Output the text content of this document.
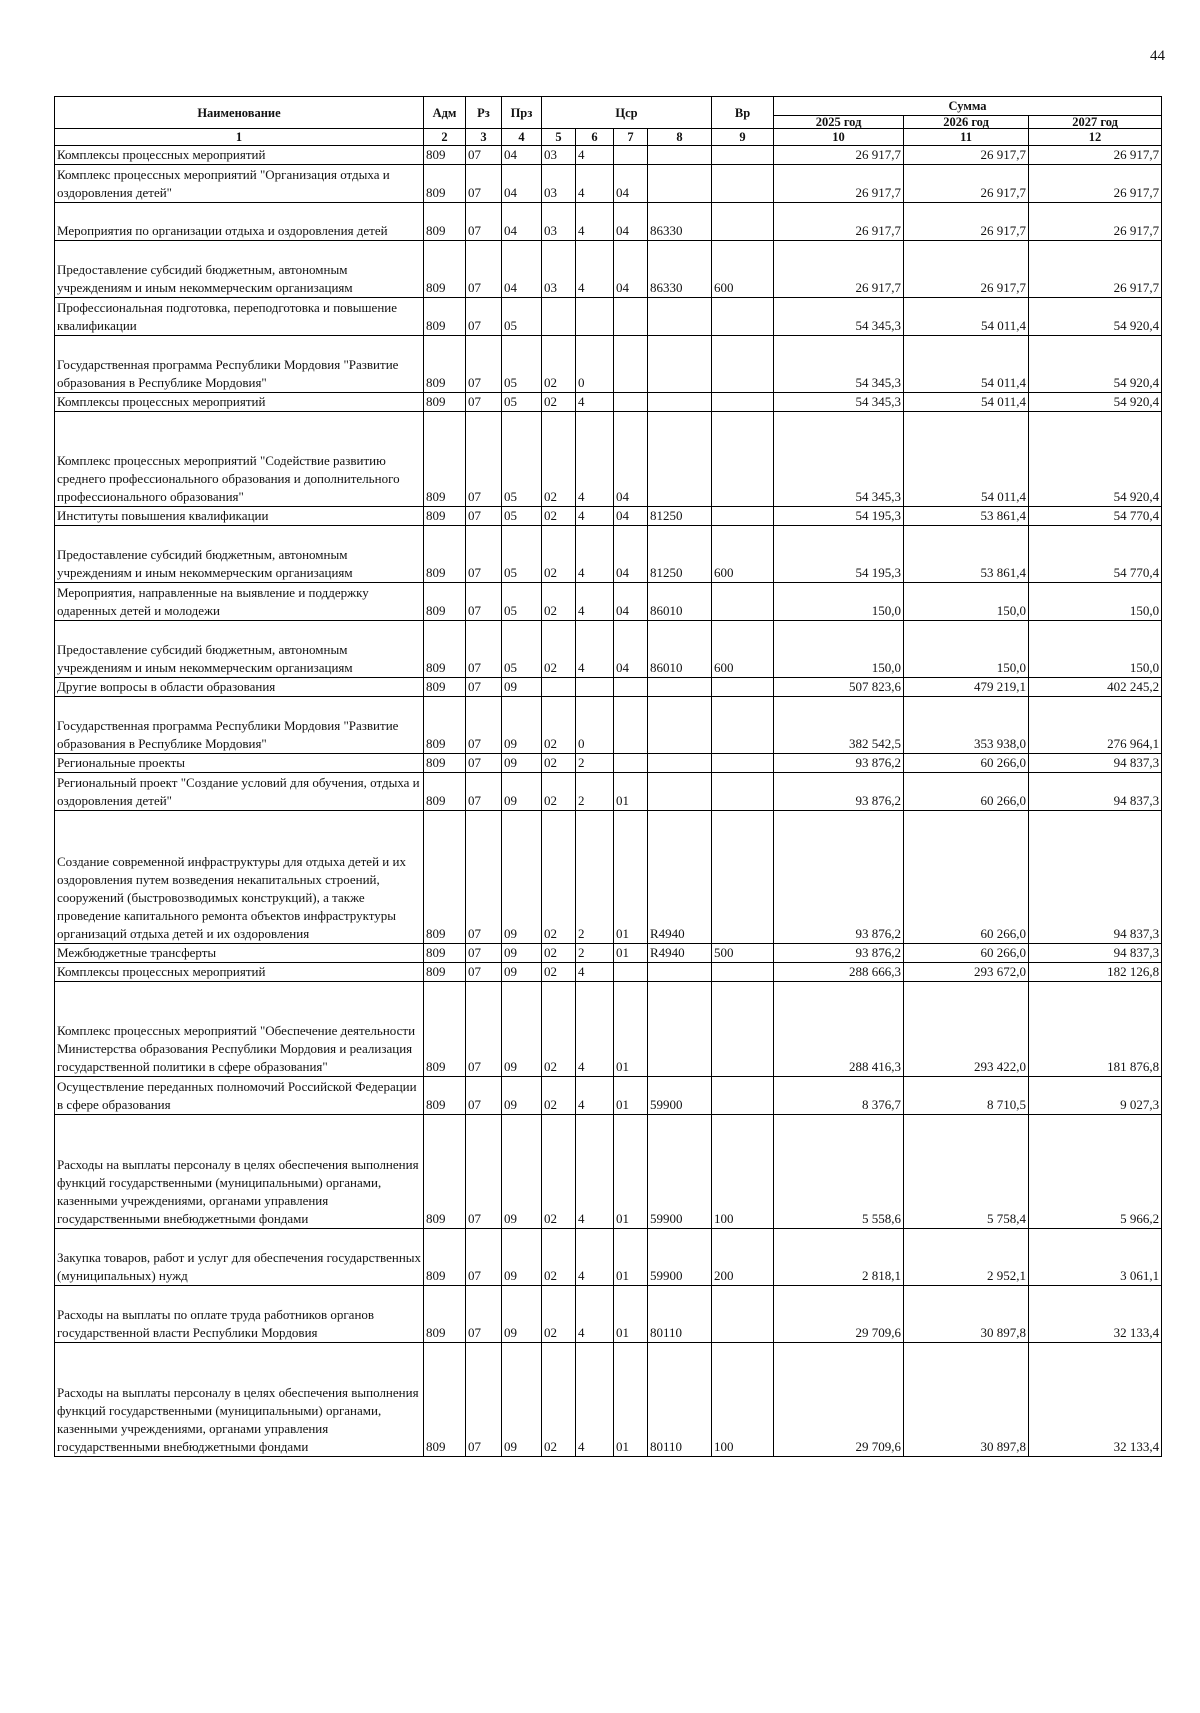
44
Наименование	Адм	Рз	Прз	Цср				Вр	Сумма		
									2025 год	2026 год	2027 год
1	2	3	4	5	6	7	8	9	10	11	12
Комплексы процессных мероприятий	809	07	04	03	4				26 917,7	26 917,7	26 917,7
Комплекс процессных мероприятий "Организация отдыха и оздоровления детей"	809	07	04	03	4	04			26 917,7	26 917,7	26 917,7
Мероприятия по организации отдыха и оздоровления детей	809	07	04	03	4	04	86330		26 917,7	26 917,7	26 917,7
Предоставление субсидий бюджетным, автономным учреждениям и иным некоммерческим организациям	809	07	04	03	4	04	86330	600	26 917,7	26 917,7	26 917,7
Профессиональная подготовка, переподготовка и повышение квалификации	809	07	05						54 345,3	54 011,4	54 920,4
Государственная программа Республики Мордовия "Развитие образования в Республике Мордовия"	809	07	05	02	0				54 345,3	54 011,4	54 920,4
Комплексы процессных мероприятий	809	07	05	02	4				54 345,3	54 011,4	54 920,4
Комплекс процессных мероприятий "Содействие развитию среднего профессионального образования и дополнительного профессионального образования"	809	07	05	02	4	04			54 345,3	54 011,4	54 920,4
Институты повышения квалификации	809	07	05	02	4	04	81250		54 195,3	53 861,4	54 770,4
Предоставление субсидий бюджетным, автономным учреждениям и иным некоммерческим организациям	809	07	05	02	4	04	81250	600	54 195,3	53 861,4	54 770,4
Мероприятия, направленные на выявление и поддержку одаренных детей и молодежи	809	07	05	02	4	04	86010		150,0	150,0	150,0
Предоставление субсидий бюджетным, автономным учреждениям и иным некоммерческим организациям	809	07	05	02	4	04	86010	600	150,0	150,0	150,0
Другие вопросы в области образования	809	07	09						507 823,6	479 219,1	402 245,2
Государственная программа Республики Мордовия "Развитие образования в Республике Мордовия"	809	07	09	02	0				382 542,5	353 938,0	276 964,1
Региональные проекты	809	07	09	02	2				93 876,2	60 266,0	94 837,3
Региональный проект "Создание условий для обучения, отдыха и оздоровления детей"	809	07	09	02	2	01			93 876,2	60 266,0	94 837,3
Создание современной инфраструктуры для отдыха детей и их оздоровления путем возведения некапитальных строений, сооружений (быстровозводимых конструкций), а также проведение капитального ремонта объектов инфраструктуры организаций отдыха детей и их оздоровления	809	07	09	02	2	01	R4940		93 876,2	60 266,0	94 837,3
Межбюджетные трансферты	809	07	09	02	2	01	R4940	500	93 876,2	60 266,0	94 837,3
Комплексы процессных мероприятий	809	07	09	02	4				288 666,3	293 672,0	182 126,8
Комплекс процессных мероприятий "Обеспечение деятельности Министерства образования Республики Мордовия и реализация государственной политики в сфере образования"	809	07	09	02	4	01			288 416,3	293 422,0	181 876,8
Осуществление переданных полномочий Российской Федерации в сфере образования	809	07	09	02	4	01	59900		8 376,7	8 710,5	9 027,3
Расходы на выплаты персоналу в целях обеспечения выполнения функций государственными (муниципальными) органами, казенными учреждениями, органами управления государственными внебюджетными фондами	809	07	09	02	4	01	59900	100	5 558,6	5 758,4	5 966,2
Закупка товаров, работ и услуг для обеспечения государственных (муниципальных) нужд	809	07	09	02	4	01	59900	200	2 818,1	2 952,1	3 061,1
Расходы на выплаты по оплате труда работников органов государственной власти Республики Мордовия	809	07	09	02	4	01	80110		29 709,6	30 897,8	32 133,4
Расходы на выплаты персоналу в целях обеспечения выполнения функций государственными (муниципальными) органами, казенными учреждениями, органами управления государственными внебюджетными фондами	809	07	09	02	4	01	80110	100	29 709,6	30 897,8	32 133,4
